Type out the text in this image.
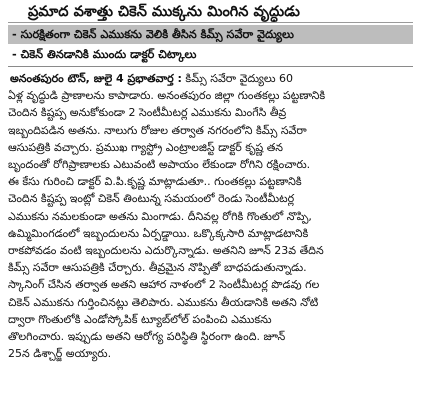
ప్రమాద వశాత్తు చికెన్ ముక్కను మింగిన వృద్ధుడు
- సురక్షితంగా చికెన్ ఎముకను వెలికి తీసిన కిమ్స్ సవేరా వైద్యులు
- చికెన్ తినడానికి ముందు డాక్టర్ చిట్కాలు
అనంతపురం టౌన్, జులై 4 ప్రభాతవార్త : కిమ్స్ సవేరా వైద్యులు 60
ఏళ్ల వృద్ధుడి ప్రాణాలను కాపాడారు. అనంతపురం జిల్లా గుంతకల్లు పట్టణానికి
చెందిన కిష్టప్ప అనుకోకుండా 2 సెంటీమీటర్ల ఎముకను మింగేసి తీవ్ర
ఇబ్బందిపడిన అతను. నాలుగు రోజుల తర్వాత నగరంలోని కిమ్స్ సవేరా
ఆసుపత్రికి వచ్చారు. ప్రముఖ గ్యాస్ట్రో ఎంట్రాలజిస్ట్ డాక్టర్ కృష్ణ తన
బృందంతో రోగిప్రాణాలకు ఎటువంటి అపాయం లేకుండా రోగిని రక్షించారు.
ఈ కేసు గురించి డాక్టర్ వి.పి.కృష్ణ మాట్లాడుతూ.. గుంతకల్లు పట్టణానికి
చెందిన కిష్టప్ప ఇంట్లో చికెన్ తింటున్న సమయంలో రెండు సెంటీమీటర్ల
ఎముకను నమలకుండా అతను మింగాడు. దీనివల్ల రోగికి గొంతులో నొప్పి,
ఉమ్మిమింగడంలో ఇబ్బందులను ఏర్పడ్డాయి. ఒక్కొక్కసారి మాట్లాడటానికి
రాకపోవడం వంటి ఇబ్బందులను ఎదుర్కొన్నాడు. అతనిని జూన్ 23వ తేదిన
కిమ్స్ సవేరా ఆసుపత్రికి చేర్చారు. తీవ్రమైన నొప్పితో బాధపడుతున్నాడు.
స్కానింగ్ చేసిన తర్వాత అతని ఆహార నాళంలో 2 సెంటీమీటర్ల పొడవు గల
చికెన్ ఎముకను గుర్తించినట్లు తెలిపారు. ఎముకను తీయడానికి అతని నోటి
ద్వారా గొంతులోకి ఎండోస్కోపిక్ ట్యూబ్‌లోల్ పంపించి ఎముకను
తొలగించారు. ఇప్పుడు అతని ఆరోగ్య పరిస్థితి స్థిరంగా ఉంది. జూన్
25న డిశ్చార్జ్ అయ్యారు.
